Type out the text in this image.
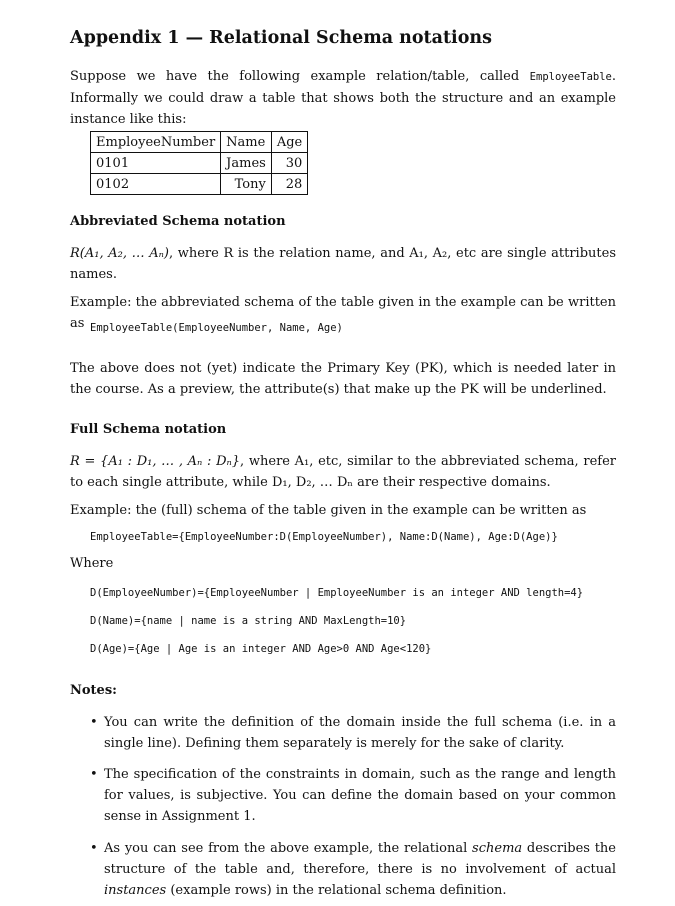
Appendix 1 — Relational Schema notations

Suppose we have the following example relation/table, called EmployeeTable. Informally we could draw a table that shows both the structure and an example instance like this:

EmployeeNumber	Name	Age
0101	James	30
0102	Tony	28
Abbreviated Schema notation

R(A₁, A₂, … Aₙ), where R is the relation name, and A₁, A₂, etc are single attributes names.

Example: the abbreviated schema of the table given in the example can be written as EmployeeTable(EmployeeNumber, Name, Age)

The above does not (yet) indicate the Primary Key (PK), which is needed later in the course. As a preview, the attribute(s) that make up the PK will be underlined.

Full Schema notation

R = {A₁ : D₁, … , Aₙ : Dₙ}, where A₁, etc, similar to the abbreviated schema, refer to each single attribute, while D₁, D₂, … Dₙ are their respective domains.

Example: the (full) schema of the table given in the example can be written as

EmployeeTable={EmployeeNumber:D(EmployeeNumber), Name:D(Name), Age:D(Age)}
Where
D(EmployeeNumber)={EmployeeNumber | EmployeeNumber is an integer AND length=4}
D(Name)={name | name is a string AND MaxLength=10}
D(Age)={Age | Age is an integer AND Age>0 AND Age<120}
Notes:
• You can write the definition of the domain inside the full schema (i.e. in a single line). Defining them separately is merely for the sake of clarity.
• The specification of the constraints in domain, such as the range and length for values, is subjective. You can define the domain based on your common sense in Assignment 1.
• As you can see from the above example, the relational schema describes the structure of the table and, therefore, there is no involvement of actual instances (example rows) in the relational schema definition.
